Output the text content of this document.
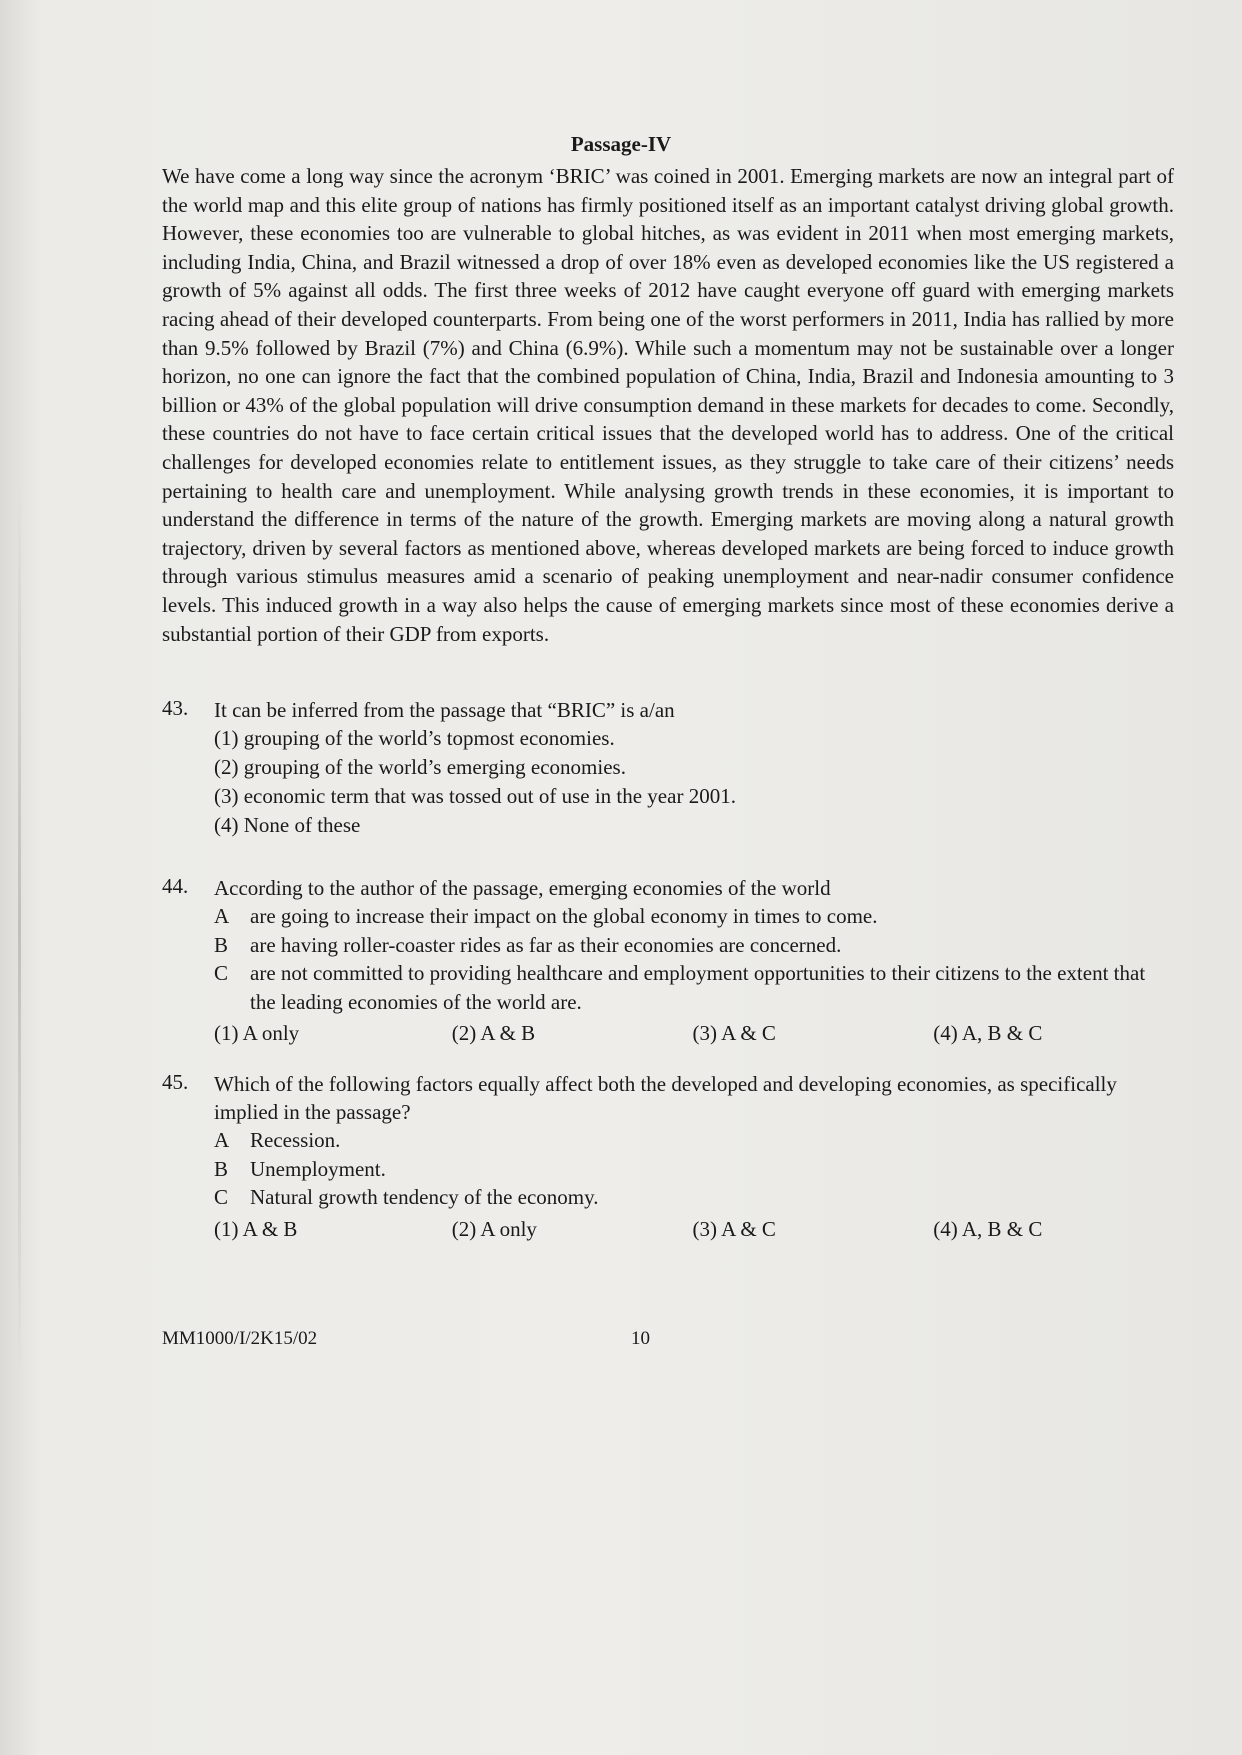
Passage-IV

We have come a long way since the acronym ‘BRIC’ was coined in 2001. Emerging markets are now an integral part of the world map and this elite group of nations has firmly positioned itself as an important catalyst driving global growth. However, these economies too are vulnerable to global hitches, as was evident in 2011 when most emerging markets, including India, China, and Brazil witnessed a drop of over 18% even as developed economies like the US registered a growth of 5% against all odds. The first three weeks of 2012 have caught everyone off guard with emerging markets racing ahead of their developed counterparts. From being one of the worst performers in 2011, India has rallied by more than 9.5% followed by Brazil (7%) and China (6.9%). While such a momentum may not be sustainable over a longer horizon, no one can ignore the fact that the combined population of China, India, Brazil and Indonesia amounting to 3 billion or 43% of the global population will drive consumption demand in these markets for decades to come. Secondly, these countries do not have to face certain critical issues that the developed world has to address. One of the critical challenges for developed economies relate to entitlement issues, as they struggle to take care of their citizens’ needs pertaining to health care and unemployment. While analysing growth trends in these economies, it is important to understand the difference in terms of the nature of the growth. Emerging markets are moving along a natural growth trajectory, driven by several factors as mentioned above, whereas developed markets are being forced to induce growth through various stimulus measures amid a scenario of peaking unemployment and near-nadir consumer confidence levels. This induced growth in a way also helps the cause of emerging markets since most of these economies derive a substantial portion of their GDP from exports.

43.	It can be inferred from the passage that “BRIC” is a/an
(1) grouping of the world’s topmost economies.
(2) grouping of the world’s emerging economies.
(3) economic term that was tossed out of use in the year 2001.
(4) None of these
44.	According to the author of the passage, emerging economies of the world
A are going to increase their impact on the global economy in times to come.
B	are having roller-coaster rides as far as their economies are concerned.
C	are not committed to providing healthcare and employment opportunities to their citizens to the extent that the leading economies of the world are.
(1) A only	(2) A & B	(3) A & C	(4) A, B & C
45.	Which of the following factors equally affect both the developed and developing economies, as specifically implied in the passage?
A Recession.
B	Unemployment.
C	Natural growth tendency of the economy.
(1) A & B	(2) A only	(3) A & C	(4) A, B & C
MM1000/I/2K15/02	10
